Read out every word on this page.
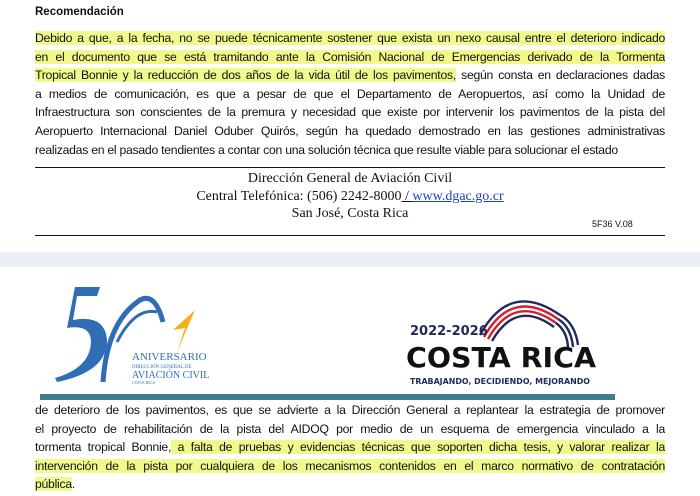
Recomendación
Debido a que, a la fecha, no se puede técnicamente sostener que exista un nexo causal entre el deterioro indicado
en el documento que se está tramitando ante la Comisión Nacional de Emergencias derivado de la Tormenta
Tropical Bonnie y la reducción de dos años de la vida útil de los pavimentos, según consta en declaraciones dadas
a medios de comunicación, es que a pesar de que el Departamento de Aeropuertos, así como la Unidad de
Infraestructura son conscientes de la premura y necesidad que existe por intervenir los pavimentos de la pista del
Aeropuerto Internacional Daniel Oduber Quirós, según ha quedado demostrado en las gestiones administrativas
realizadas en el pasado tendientes a contar con una solución técnica que resulte viable para solucionar el estado
Dirección General de Aviación Civil
Central Telefónica: (506) 2242-8000 / www.dgac.go.cr
San José, Costa Rica
5F36 V.08
ANIVERSARIO
DIRECCIÓN GENERAL DE
AVIACIÓN CIVIL
COSTA RICA
2022-2026
COSTA RICA
TRABAJANDO, DECIDIENDO, MEJORANDO
de deterioro de los pavimentos, es que se advierte a la Dirección General a replantear la estrategia de promover
el proyecto de rehabilitación de la pista del AIDOQ por medio de un esquema de emergencia vinculado a la
tormenta tropical Bonnie, a falta de pruebas y evidencias técnicas que soporten dicha tesis, y valorar realizar la
intervención de la pista por cualquiera de los mecanismos contenidos en el marco normativo de contratación
pública.
